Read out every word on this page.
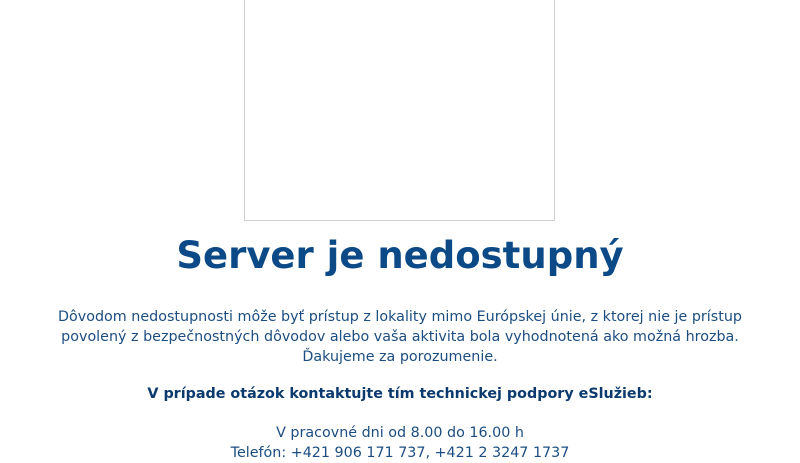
Server je nedostupný

Dôvodom nedostupnosti môže byť prístup z lokality mimo Európskej únie, z ktorej nie je prístup povolený z bezpečnostných dôvodov alebo vaša aktivita bola vyhodnotená ako možná hrozba. Ďakujeme za porozumenie.

V prípade otázok kontaktujte tím technickej podpory eSlužieb:

V pracovné dni od 8.00 do 16.00 h

Telefón: +421 906 171 737, +421 2 3247 1737
